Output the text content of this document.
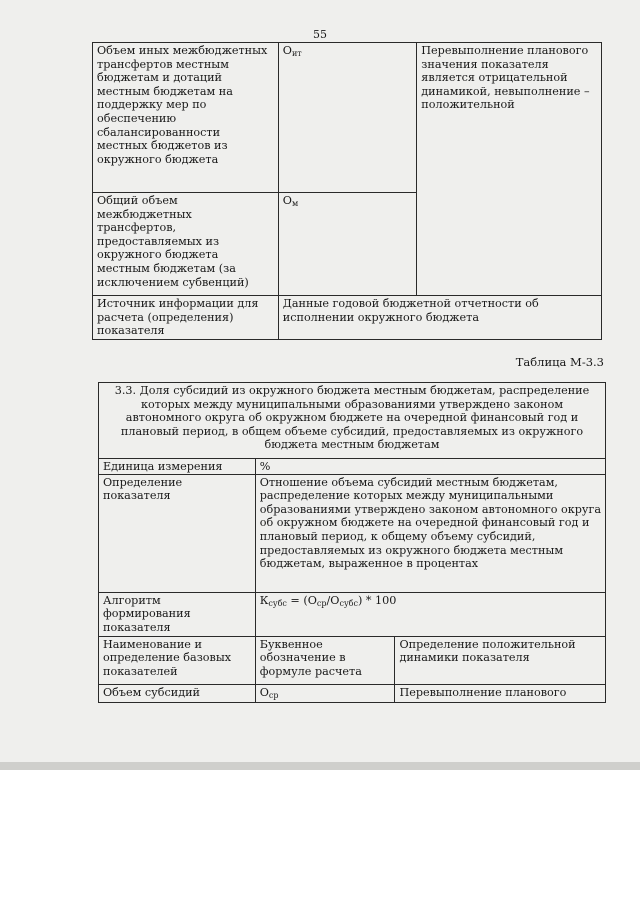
55
Объем иных межбюджетных трансфертов местным бюджетам и дотаций местным бюджетам на поддержку мер по обеспечению сбалансированности местных бюджетов из окружного бюджета	$О_{ит}$	Перевыполнение планового значения показателя является отрицательной динамикой, невыполнение – положительной
Общий объем межбюджетных трансфертов, предоставляемых из окружного бюджета местным бюджетам (за исключением субвенций)	$О_м$
Источник информации для расчета (определения) показателя	Данные годовой бюджетной отчетности об исполнении окружного бюджета	
Таблица М-3.3
3.3. Доля субсидий из окружного бюджета местным бюджетам, распределение которых между муниципальными образованиями утверждено законом автономного округа об окружном бюджете на очередной финансовый год и плановый период, в общем объеме субсидий, предоставляемых из окружного бюджета местным бюджетам		
Единица измерения	%	
Определение показателя	Отношение объема субсидий местным бюджетам, распределение которых между муниципальными образованиями утверждено законом автономного округа об окружном бюджете на очередной финансовый год и плановый период, к общему объему субсидий, предоставляемых из окружного бюджета местным бюджетам, выраженное в процентах	
Алгоритм формирования показателя	$К_{субс} = (О_{ср}/О_{субс}) * 100$	
Наименование и определение базовых показателей	Буквенное обозначение в формуле расчета	Определение положительной динамики показателя
Объем субсидий	$О_{ср}$	Перевыполнение планового
